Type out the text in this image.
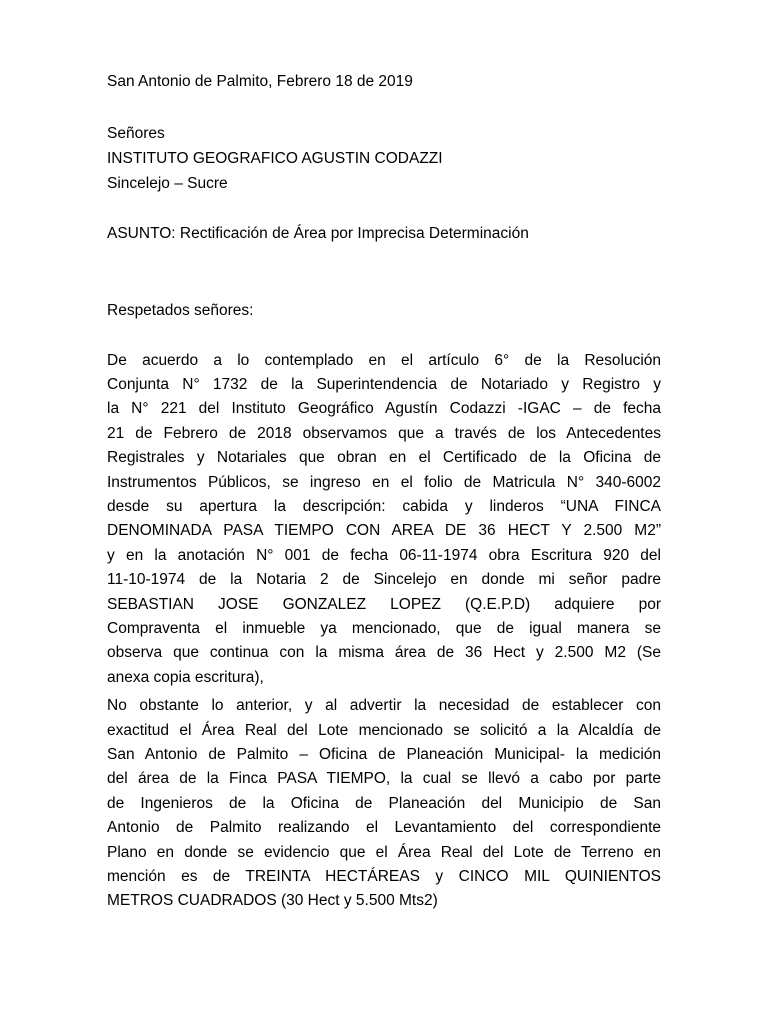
San Antonio de Palmito, Febrero 18 de 2019
Señores
INSTITUTO GEOGRAFICO AGUSTIN CODAZZI
Sincelejo – Sucre
ASUNTO: Rectificación de Área por Imprecisa Determinación
Respetados señores:
De acuerdo a lo contemplado en el artículo 6° de la Resolución
Conjunta N° 1732 de la Superintendencia de Notariado y Registro y
la N° 221 del Instituto Geográfico Agustín Codazzi -IGAC – de fecha
21 de Febrero de 2018 observamos que a través de los Antecedentes
Registrales y Notariales que obran en el Certificado de la Oficina de
Instrumentos Públicos, se ingreso en el folio de Matricula N° 340-6002
desde su apertura la descripción: cabida y linderos “UNA FINCA
DENOMINADA PASA TIEMPO CON AREA DE 36 HECT Y 2.500 M2”
y en la anotación N° 001 de fecha 06-11-1974 obra Escritura 920 del
11-10-1974 de la Notaria 2 de Sincelejo en donde mi señor padre
SEBASTIAN JOSE GONZALEZ LOPEZ (Q.E.P.D) adquiere por
Compraventa el inmueble ya mencionado, que de igual manera se
observa que continua con la misma área de 36 Hect y 2.500 M2 (Se
anexa copia escritura),
No obstante lo anterior, y al advertir la necesidad de establecer con
exactitud el Área Real del Lote mencionado se solicitó a la Alcaldía de
San Antonio de Palmito – Oficina de Planeación Municipal- la medición
del área de la Finca PASA TIEMPO, la cual se llevó a cabo por parte
de Ingenieros de la Oficina de Planeación del Municipio de San
Antonio de Palmito realizando el Levantamiento del correspondiente
Plano en donde se evidencio que el Área Real del Lote de Terreno en
mención es de TREINTA HECTÁREAS y CINCO MIL QUINIENTOS
METROS CUADRADOS (30 Hect y 5.500 Mts2)
